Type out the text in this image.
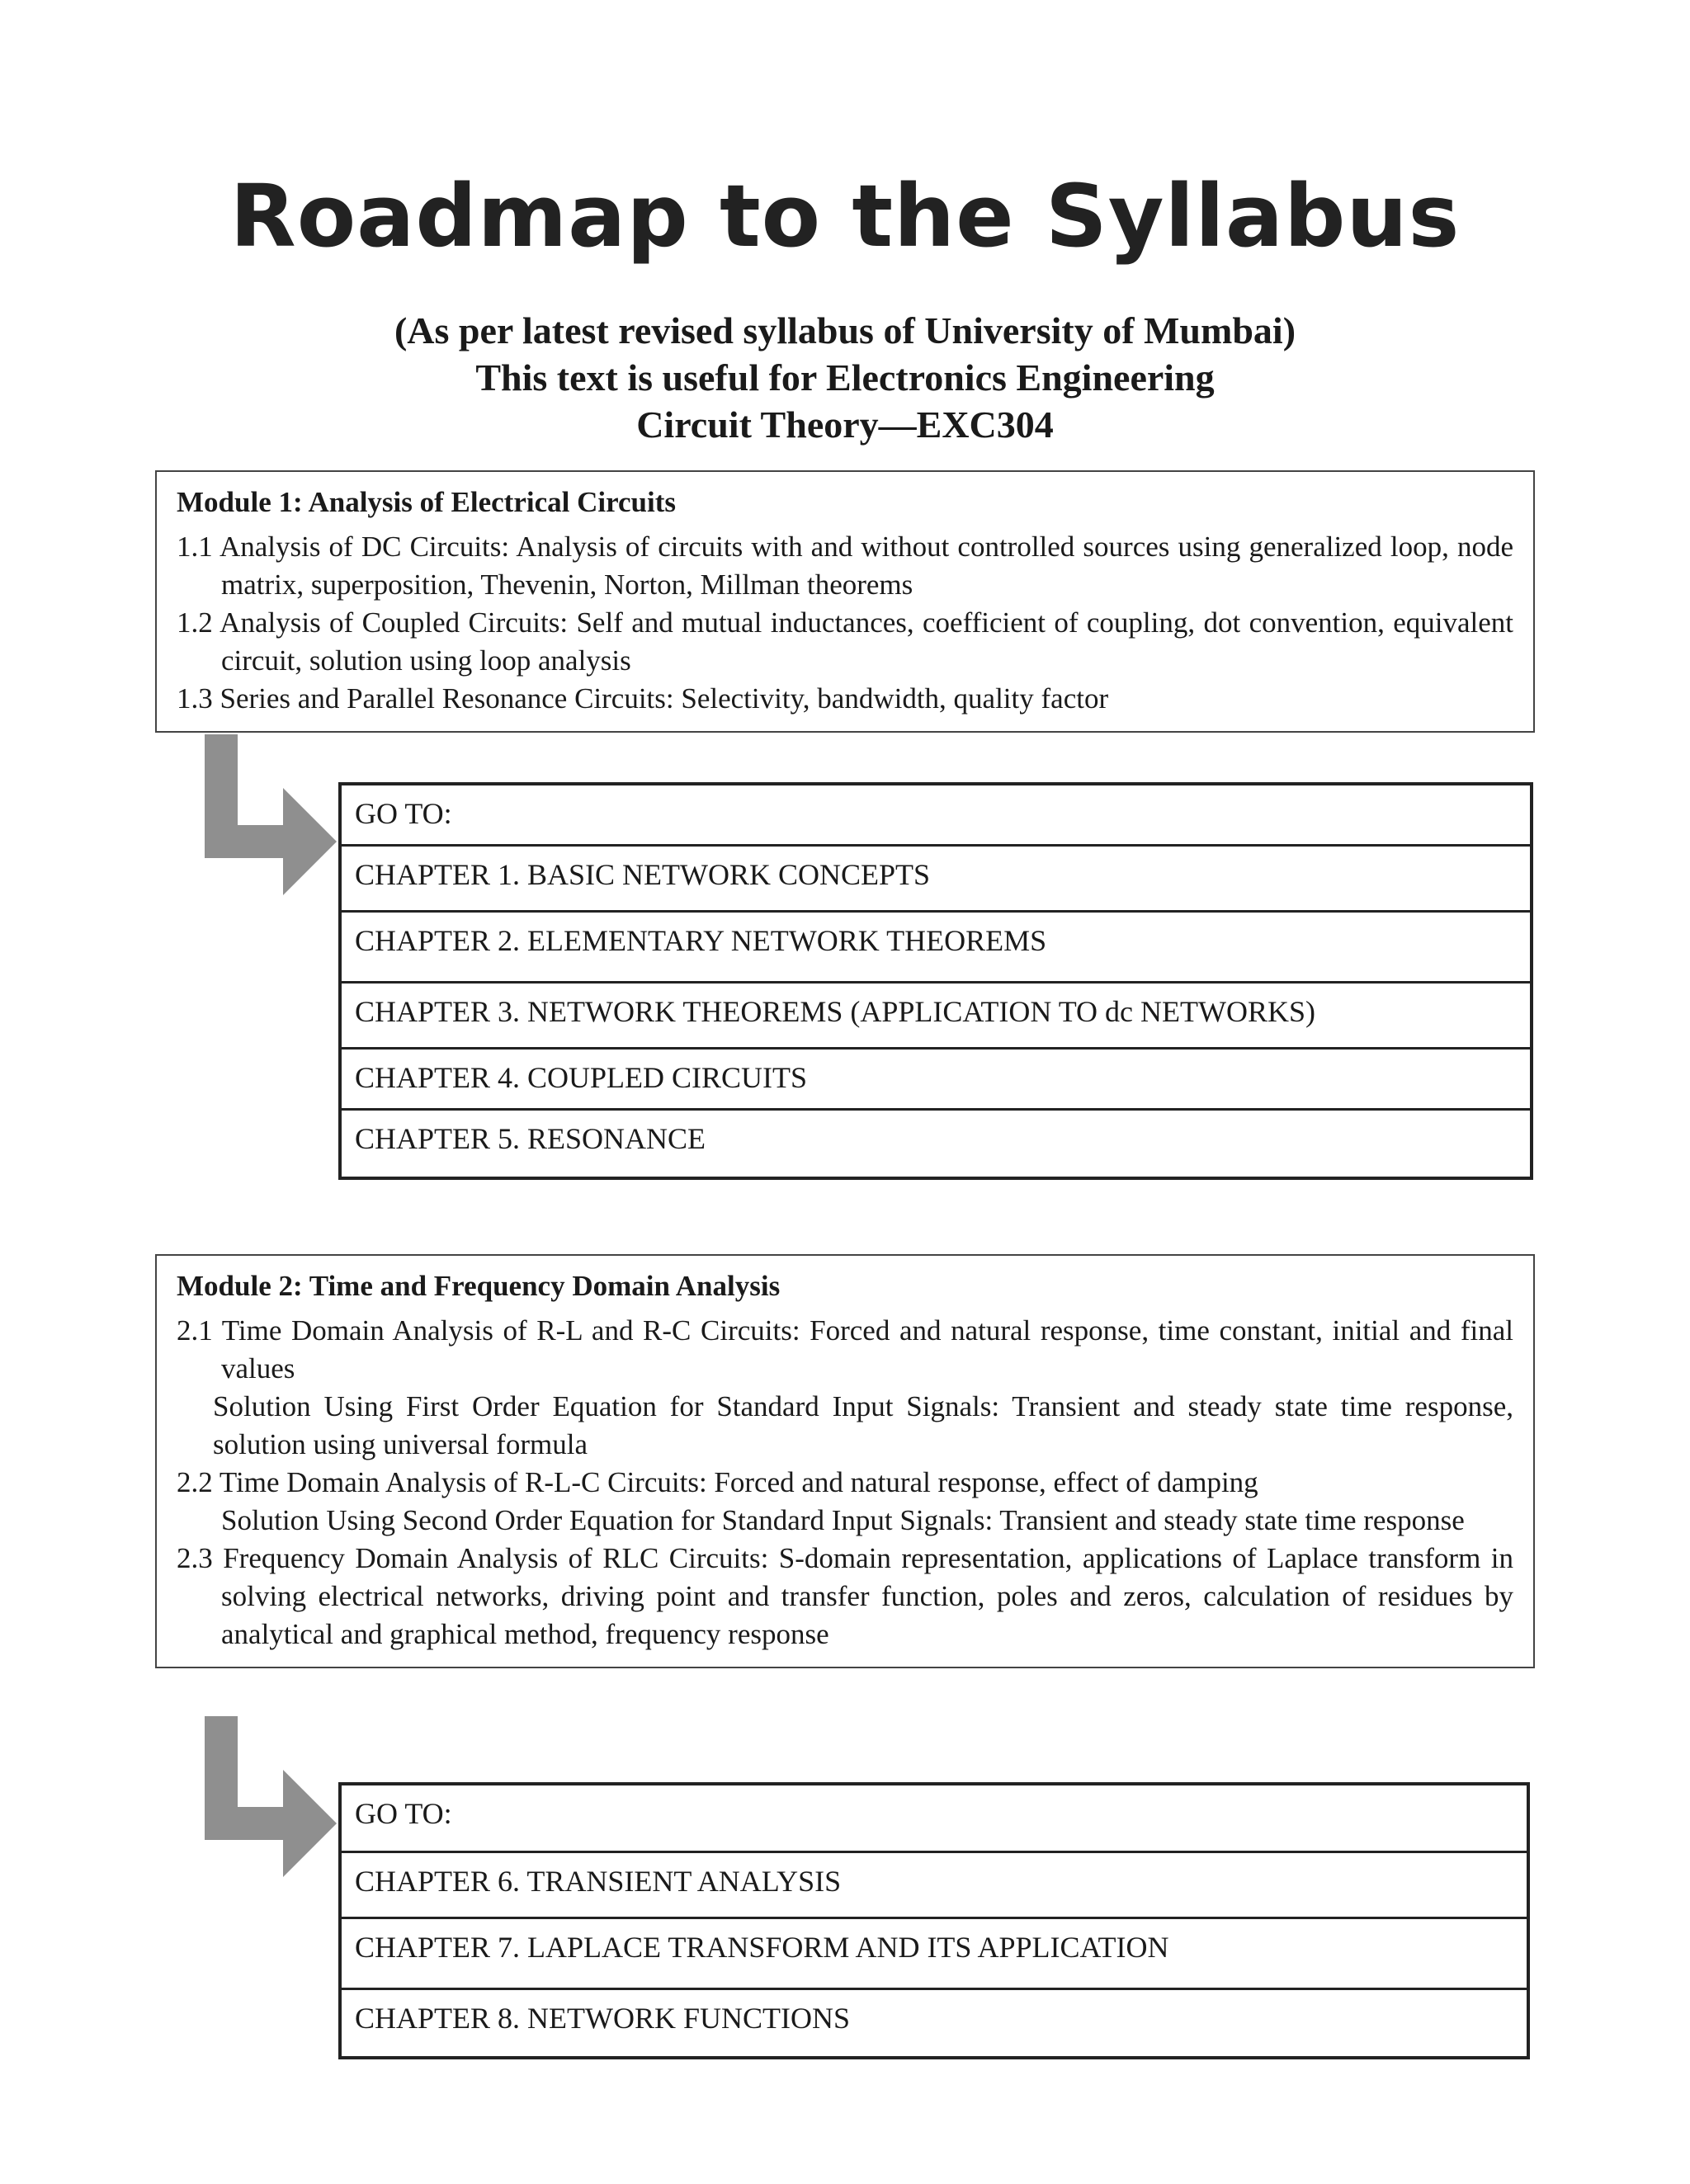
Roadmap to the Syllabus
(As per latest revised syllabus of University of Mumbai)
This text is useful for Electronics Engineering
Circuit Theory—EXC304
Module 1: Analysis of Electrical Circuits
1.1 Analysis of DC Circuits: Analysis of circuits with and without controlled sources using generalized loop, node matrix, superposition, Thevenin, Norton, Millman theorems
1.2 Analysis of Coupled Circuits: Self and mutual inductances, coefficient of coupling, dot convention, equivalent circuit, solution using loop analysis
1.3 Series and Parallel Resonance Circuits: Selectivity, bandwidth, quality factor
GO TO:
CHAPTER 1. BASIC NETWORK CONCEPTS
CHAPTER 2. ELEMENTARY NETWORK THEOREMS
CHAPTER 3. NETWORK THEOREMS (APPLICATION TO dc NETWORKS)
CHAPTER 4. COUPLED CIRCUITS
CHAPTER 5. RESONANCE
Module 2: Time and Frequency Domain Analysis
2.1 Time Domain Analysis of R-L and R-C Circuits: Forced and natural response, time constant, initial and final values
Solution Using First Order Equation for Standard Input Signals: Transient and steady state time response, solution using universal formula
2.2 Time Domain Analysis of R-L-C Circuits: Forced and natural response, effect of damping
Solution Using Second Order Equation for Standard Input Signals: Transient and steady state time response
2.3 Frequency Domain Analysis of RLC Circuits: S-domain representation, applications of Laplace transform in solving electrical networks, driving point and transfer function, poles and zeros, calculation of residues by analytical and graphical method, frequency response
GO TO:
CHAPTER 6. TRANSIENT ANALYSIS
CHAPTER 7. LAPLACE TRANSFORM AND ITS APPLICATION
CHAPTER 8. NETWORK FUNCTIONS
